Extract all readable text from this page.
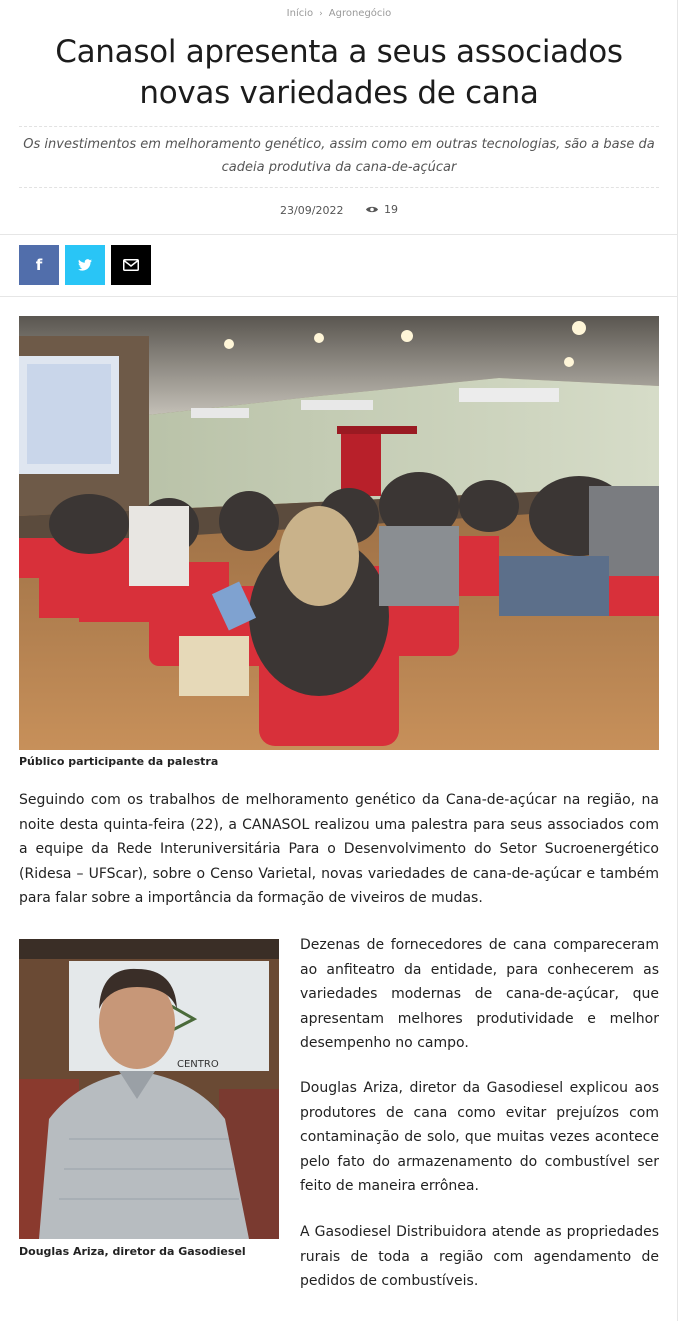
Início › Agronegócio
Canasol apresenta a seus associados novas variedades de cana

Os investimentos em melhoramento genético, assim como em outras tecnologias, são a base da cadeia produtiva da cana-de-açúcar

23/09/2022	19
f
Público participante da palestra

Seguindo com os trabalhos de melhoramento genético da Cana-de-açúcar na região, na noite desta quinta-feira (22), a CANASOL realizou uma palestra para seus associados com a equipe da Rede Interuniversitária Para o Desenvolvimento do Setor Sucroenergético (Ridesa – UFScar), sobre o Censo Varietal, novas variedades de cana-de-açúcar e também para falar sobre a importância da formação de viveiros de mudas.

CENTRO
Douglas Ariza, diretor da Gasodiesel

Dezenas de fornecedores de cana compareceram ao anfiteatro da entidade, para conhecerem as variedades modernas de cana-de-açúcar, que apresentam melhores produtividade e melhor desempenho no campo.

Douglas Ariza, diretor da Gasodiesel explicou aos produtores de cana como evitar prejuízos com contaminação de solo, que muitas vezes acontece pelo fato do armazenamento do combustível ser feito de maneira errônea.

A Gasodiesel Distribuidora atende as propriedades rurais de toda a região com agendamento de pedidos de combustíveis.
